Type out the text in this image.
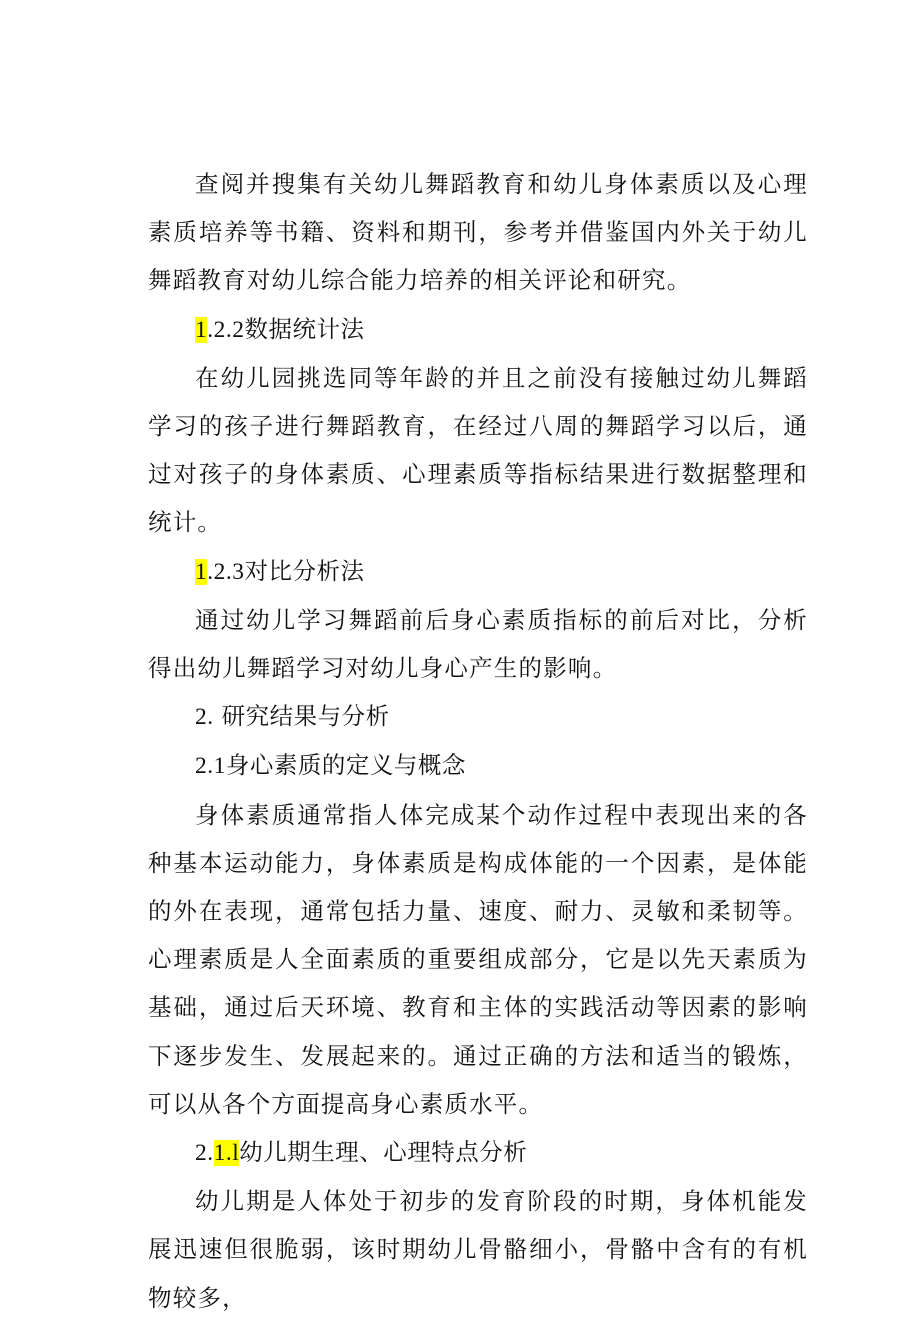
查阅并搜集有关幼儿舞蹈教育和幼儿身体素质以及心理素质培养等书籍、资料和期刊，参考并借鉴国内外关于幼儿舞蹈教育对幼儿综合能力培养的相关评论和研究。

1.2.2数据统计法

在幼儿园挑选同等年龄的并且之前没有接触过幼儿舞蹈学习的孩子进行舞蹈教育，在经过八周的舞蹈学习以后，通过对孩子的身体素质、心理素质等指标结果进行数据整理和统计。

1.2.3对比分析法

通过幼儿学习舞蹈前后身心素质指标的前后对比，分析得出幼儿舞蹈学习对幼儿身心产生的影响。

2. 研究结果与分析

2.1身心素质的定义与概念

身体素质通常指人体完成某个动作过程中表现出来的各种基本运动能力，身体素质是构成体能的一个因素，是体能的外在表现，通常包括力量、速度、耐力、灵敏和柔韧等。心理素质是人全面素质的重要组成部分，它是以先天素质为基础，通过后天环境、教育和主体的实践活动等因素的影响下逐步发生、发展起来的。通过正确的方法和适当的锻炼，可以从各个方面提高身心素质水平。

2.1.l幼儿期生理、心理特点分析

幼儿期是人体处于初步的发育阶段的时期，身体机能发展迅速但很脆弱，该时期幼儿骨骼细小，骨骼中含有的有机物较多，
